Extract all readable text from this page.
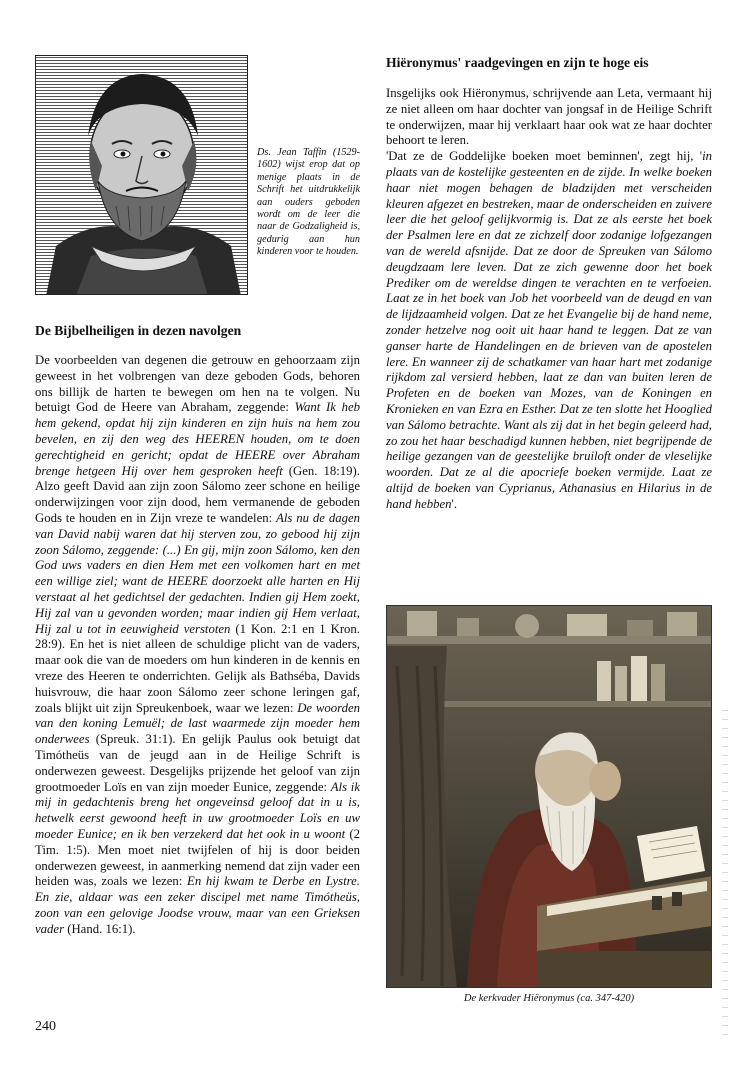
Ds. Jean Taffin (1529-1602) wijst erop dat op menige plaats in de Schrift het uitdrukkelijk aan ouders geboden wordt om de leer die naar de Godzaligheid is, gedurig aan hun kinderen voor te houden.
De Bijbelheiligen in dezen navolgen

De voorbeelden van degenen die getrouw en gehoorzaam zijn geweest in het volbrengen van deze geboden Gods, behoren ons billijk de harten te bewegen om hen na te volgen. Nu betuigt God de Heere van Abraham, zeggende: Want Ik heb hem gekend, opdat hij zijn kinderen en zijn huis na hem zou bevelen, en zij den weg des HEEREN houden, om te doen gerechtigheid en gericht; opdat de HEERE over Abraham brenge hetgeen Hij over hem gesproken heeft (Gen. 18:19). Alzo geeft David aan zijn zoon Sálomo zeer schone en heilige onderwijzingen voor zijn dood, hem vermanende de geboden Gods te houden en in Zijn vreze te wandelen: Als nu de dagen van David nabij waren dat hij sterven zou, zo gebood hij zijn zoon Sálomo, zeggende: (...) En gij, mijn zoon Sálomo, ken den God uws vaders en dien Hem met een volkomen hart en met een willige ziel; want de HEERE doorzoekt alle harten en Hij verstaat al het gedichtsel der gedachten. Indien gij Hem zoekt, Hij zal van u gevonden worden; maar indien gij Hem verlaat, Hij zal u tot in eeuwigheid verstoten (1 Kon. 2:1 en 1 Kron. 28:9). En het is niet alleen de schuldige plicht van de vaders, maar ook die van de moeders om hun kinderen in de kennis en vreze des Heeren te onderrichten. Gelijk als Bathséba, Davids huisvrouw, die haar zoon Sálomo zeer schone leringen gaf, zoals blijkt uit zijn Spreukenboek, waar we lezen: De woorden van den koning Lemuël; de last waarmede zijn moeder hem onderwees (Spreuk. 31:1). En gelijk Paulus ook betuigt dat Timótheüs van de jeugd aan in de Heilige Schrift is onderwezen geweest. Desgelijks prijzende het geloof van zijn grootmoeder Loïs en van zijn moeder Eunice, zeggende: Als ik mij in gedachtenis breng het ongeveinsd geloof dat in u is, hetwelk eerst gewoond heeft in uw grootmoeder Loïs en uw moeder Eunice; en ik ben verzekerd dat het ook in u woont (2 Tim. 1:5). Men moet niet twijfelen of hij is door beiden onderwezen geweest, in aanmerking nemend dat zijn vader een heiden was, zoals we lezen: En hij kwam te Derbe en Lystre. En zie, aldaar was een zeker discipel met name Timótheüs, zoon van een gelovige Joodse vrouw, maar van een Grieksen vader (Hand. 16:1).

Hiëronymus' raadgevingen en zijn te hoge eis

Insgelijks ook Hiëronymus, schrijvende aan Leta, vermaant hij ze niet alleen om haar dochter van jongsaf in de Heilige Schrift te onderwijzen, maar hij verklaart haar ook wat ze haar dochter behoort te leren.

'Dat ze de Goddelijke boeken moet beminnen', zegt hij, 'in plaats van de kostelijke gesteenten en de zijde. In welke boeken haar niet mogen behagen de bladzijden met verscheiden kleuren afgezet en bestreken, maar de onderscheiden en zuivere leer die het geloof gelijkvormig is. Dat ze als eerste het boek der Psalmen lere en dat ze zichzelf door zodanige lofgezangen van de wereld afsnijde. Dat ze door de Spreuken van Sálomo deugdzaam lere leven. Dat ze zich gewenne door het boek Prediker om de wereldse dingen te verachten en te verfoeien. Laat ze in het boek van Job het voorbeeld van de deugd en van de lijdzaamheid volgen. Dat ze het Evangelie bij de hand neme, zonder hetzelve nog ooit uit haar hand te leggen. Dat ze van ganser harte de Handelingen en de brieven van de apostelen lere. En wanneer zij de schatkamer van haar hart met zodanige rijkdom zal versierd hebben, laat ze dan van buiten leren de Profeten en de boeken van Mozes, van de Koningen en Kronieken en van Ezra en Esther. Dat ze ten slotte het Hooglied van Sálomo betrachte. Want als zij dat in het begin geleerd had, zo zou het haar beschadigd kunnen hebben, niet begrijpende de heilige gezangen van de geestelijke bruiloft onder de vleselijke woorden. Dat ze al die apocriefe boeken vermijde. Laat ze altijd de boeken van Cyprianus, Athanasius en Hilarius in de hand hebben'.

De kerkvader Hiëronymus (ca. 347-420)
240
